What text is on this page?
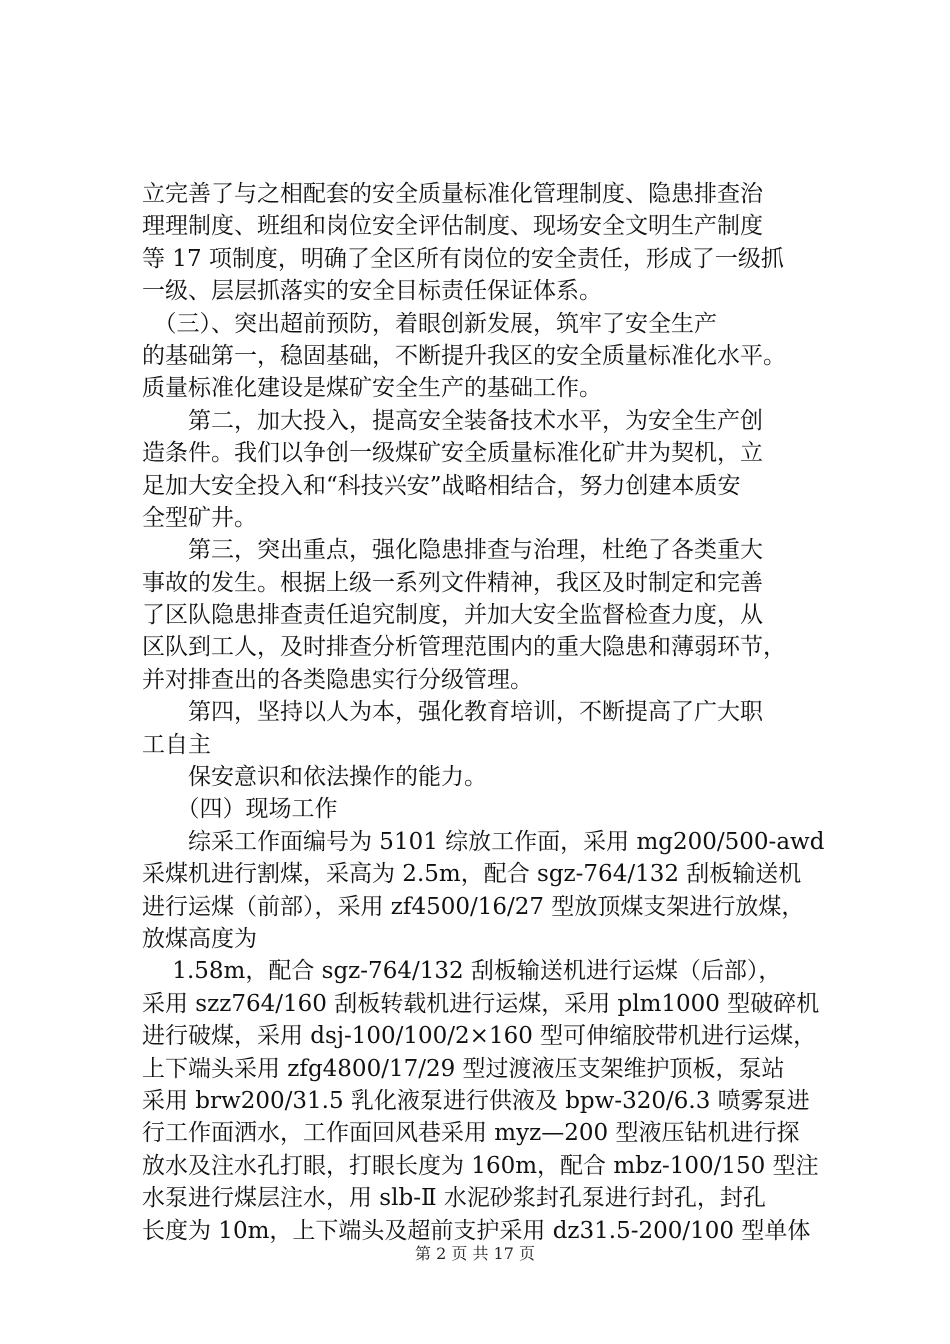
立完善了与之相配套的安全质量标准化管理制度、隐患排查治
理理制度、班组和岗位安全评估制度、现场安全文明生产制度
等 17 项制度，明确了全区所有岗位的安全责任，形成了一级抓
一级、层层抓落实的安全目标责任保证体系。
　（三）、突出超前预防，着眼创新发展，筑牢了安全生产
的基础第一，稳固基础，不断提升我区的安全质量标准化水平。
质量标准化建设是煤矿安全生产的基础工作。
　　第二，加大投入，提高安全装备技术水平，为安全生产创
造条件。我们以争创一级煤矿安全质量标准化矿井为契机，立
足加大安全投入和“科技兴安”战略相结合，努力创建本质安
全型矿井。
　　第三，突出重点，强化隐患排查与治理，杜绝了各类重大
事故的发生。根据上级一系列文件精神，我区及时制定和完善
了区队隐患排查责任追究制度，并加大安全监督检查力度，从
区队到工人，及时排查分析管理范围内的重大隐患和薄弱环节，
并对排查出的各类隐患实行分级管理。
　　第四，坚持以人为本，强化教育培训，不断提高了广大职
工自主
　　保安意识和依法操作的能力。
　　（四）现场工作
　　综采工作面编号为 5101 综放工作面，采用 mg200/500-awd
采煤机进行割煤，采高为 2.5m，配合 sgz-764/132 刮板输送机
进行运煤（前部），采用 zf4500/16/27 型放顶煤支架进行放煤，
放煤高度为
　 1.58m，配合 sgz-764/132 刮板输送机进行运煤（后部），
采用 szz764/160 刮板转载机进行运煤，采用 plm1000 型破碎机
进行破煤，采用 dsj-100/100/2×160 型可伸缩胶带机进行运煤，
上下端头采用 zfg4800/17/29 型过渡液压支架维护顶板，泵站
采用 brw200/31.5 乳化液泵进行供液及 bpw-320/6.3 喷雾泵进
行工作面洒水，工作面回风巷采用 myz—200 型液压钻机进行探
放水及注水孔打眼，打眼长度为 160m，配合 mbz-100/150 型注
水泵进行煤层注水，用 slb-Ⅱ 水泥砂浆封孔泵进行封孔，封孔
长度为 10m，上下端头及超前支护采用 dz31.5-200/100 型单体
第 2 页 共 17 页
